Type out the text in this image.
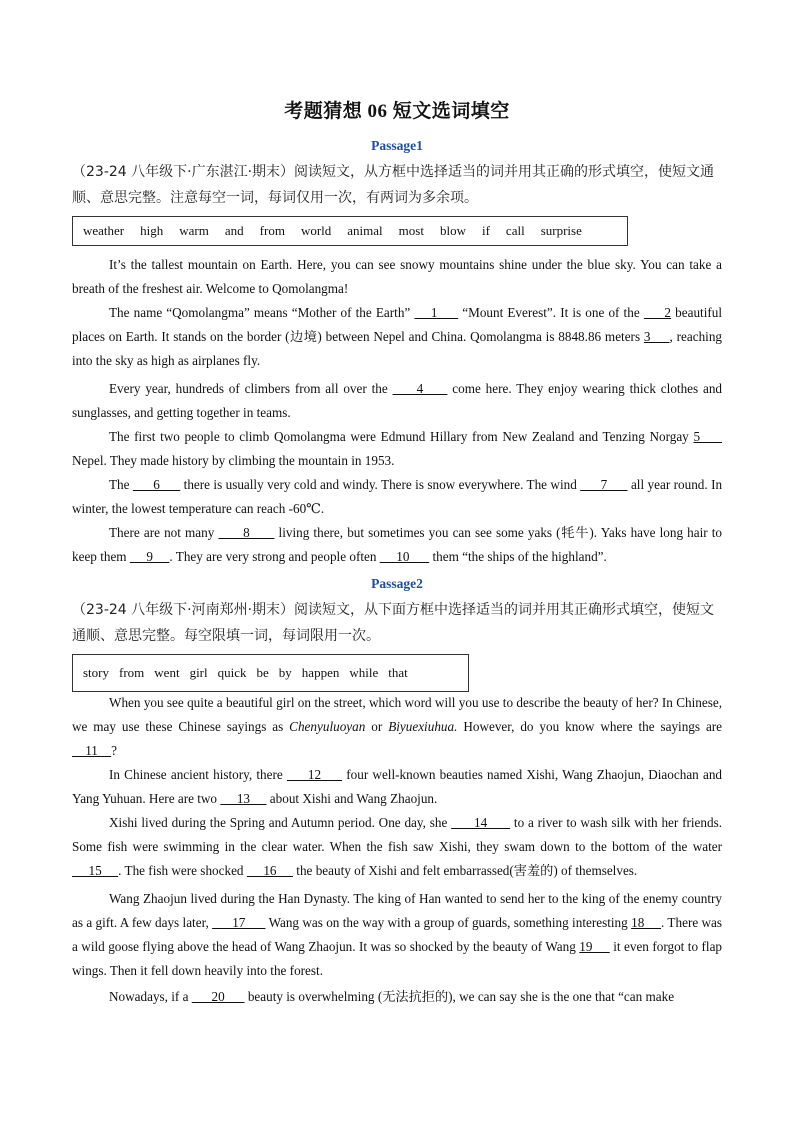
考题猜想 06 短文选词填空
Passage1
（23-24 八年级下·广东湛江·期末）阅读短文，从方框中选择适当的词并用其正确的形式填空，使短文通顺、意思完整。注意每空一词，每词仅用一次，有两词为多余项。
weather high warm and from world animal most blow if call surprise
It’s the tallest mountain on Earth. Here, you can see snowy mountains shine under the blue sky. You can take a breath of the freshest air. Welcome to Qomolangma!
The name “Qomolangma” means “Mother of the Earth”     1      “Mount Everest”. It is one of the      2 beautiful places on Earth. It stands on the border (边境) between Nepel and China. Qomolangma is 8848.86 meters 3     , reaching into the sky as high as airplanes fly.
Every year, hundreds of climbers from all over the      4      come here. They enjoy wearing thick clothes and sunglasses, and getting together in teams.
The first two people to climb Qomolangma were Edmund Hillary from New Zealand and Tenzing Norgay 5      Nepel. They made history by climbing the mountain in 1953.
The       6       there is usually very cold and windy. There is snow everywhere. The wind       7       all year round. In winter, the lowest temperature can reach -60℃.
There are not many       8       living there, but sometimes you can see some yaks (牦牛). Yaks have long hair to keep them      9     . They are very strong and people often      10       them “the ships of the highland”.
Passage2
（23-24 八年级下·河南郑州·期末）阅读短文，从下面方框中选择适当的词并用其正确形式填空，使短文通顺、意思完整。每空限填一词，每词限用一次。
story from went girl quick be by happen while that
When you see quite a beautiful girl on the street, which word will you use to describe the beauty of her? In Chinese, we may use these Chinese sayings as Chenyuluoyan or Biyuexiuhua. However, do you know where the sayings are     11    ?
In Chinese ancient history, there      12      four well-known beauties named Xishi, Wang Zhaojun, Diaochan and Yang Yuhuan. Here are two      13      about Xishi and Wang Zhaojun.
Xishi lived during the Spring and Autumn period. One day, she       14       to a river to wash silk with her friends. Some fish were swimming in the clear water. When the fish saw Xishi, they swam down to the bottom of the water      15     . The fish were shocked      16      the beauty of Xishi and felt embarrassed(害羞的) of themselves.
Wang Zhaojun lived during the Han Dynasty. The king of Han wanted to send her to the king of the enemy country as a gift. A few days later,       17       Wang was on the way with a group of guards, something interesting 18     . There was a wild goose flying above the head of Wang Zhaojun. It was so shocked by the beauty of Wang 19      it even forgot to flap wings. Then it fell down heavily into the forest.
Nowadays, if a       20       beauty is overwhelming (无法抗拒的), we can say she is the one that “can make
